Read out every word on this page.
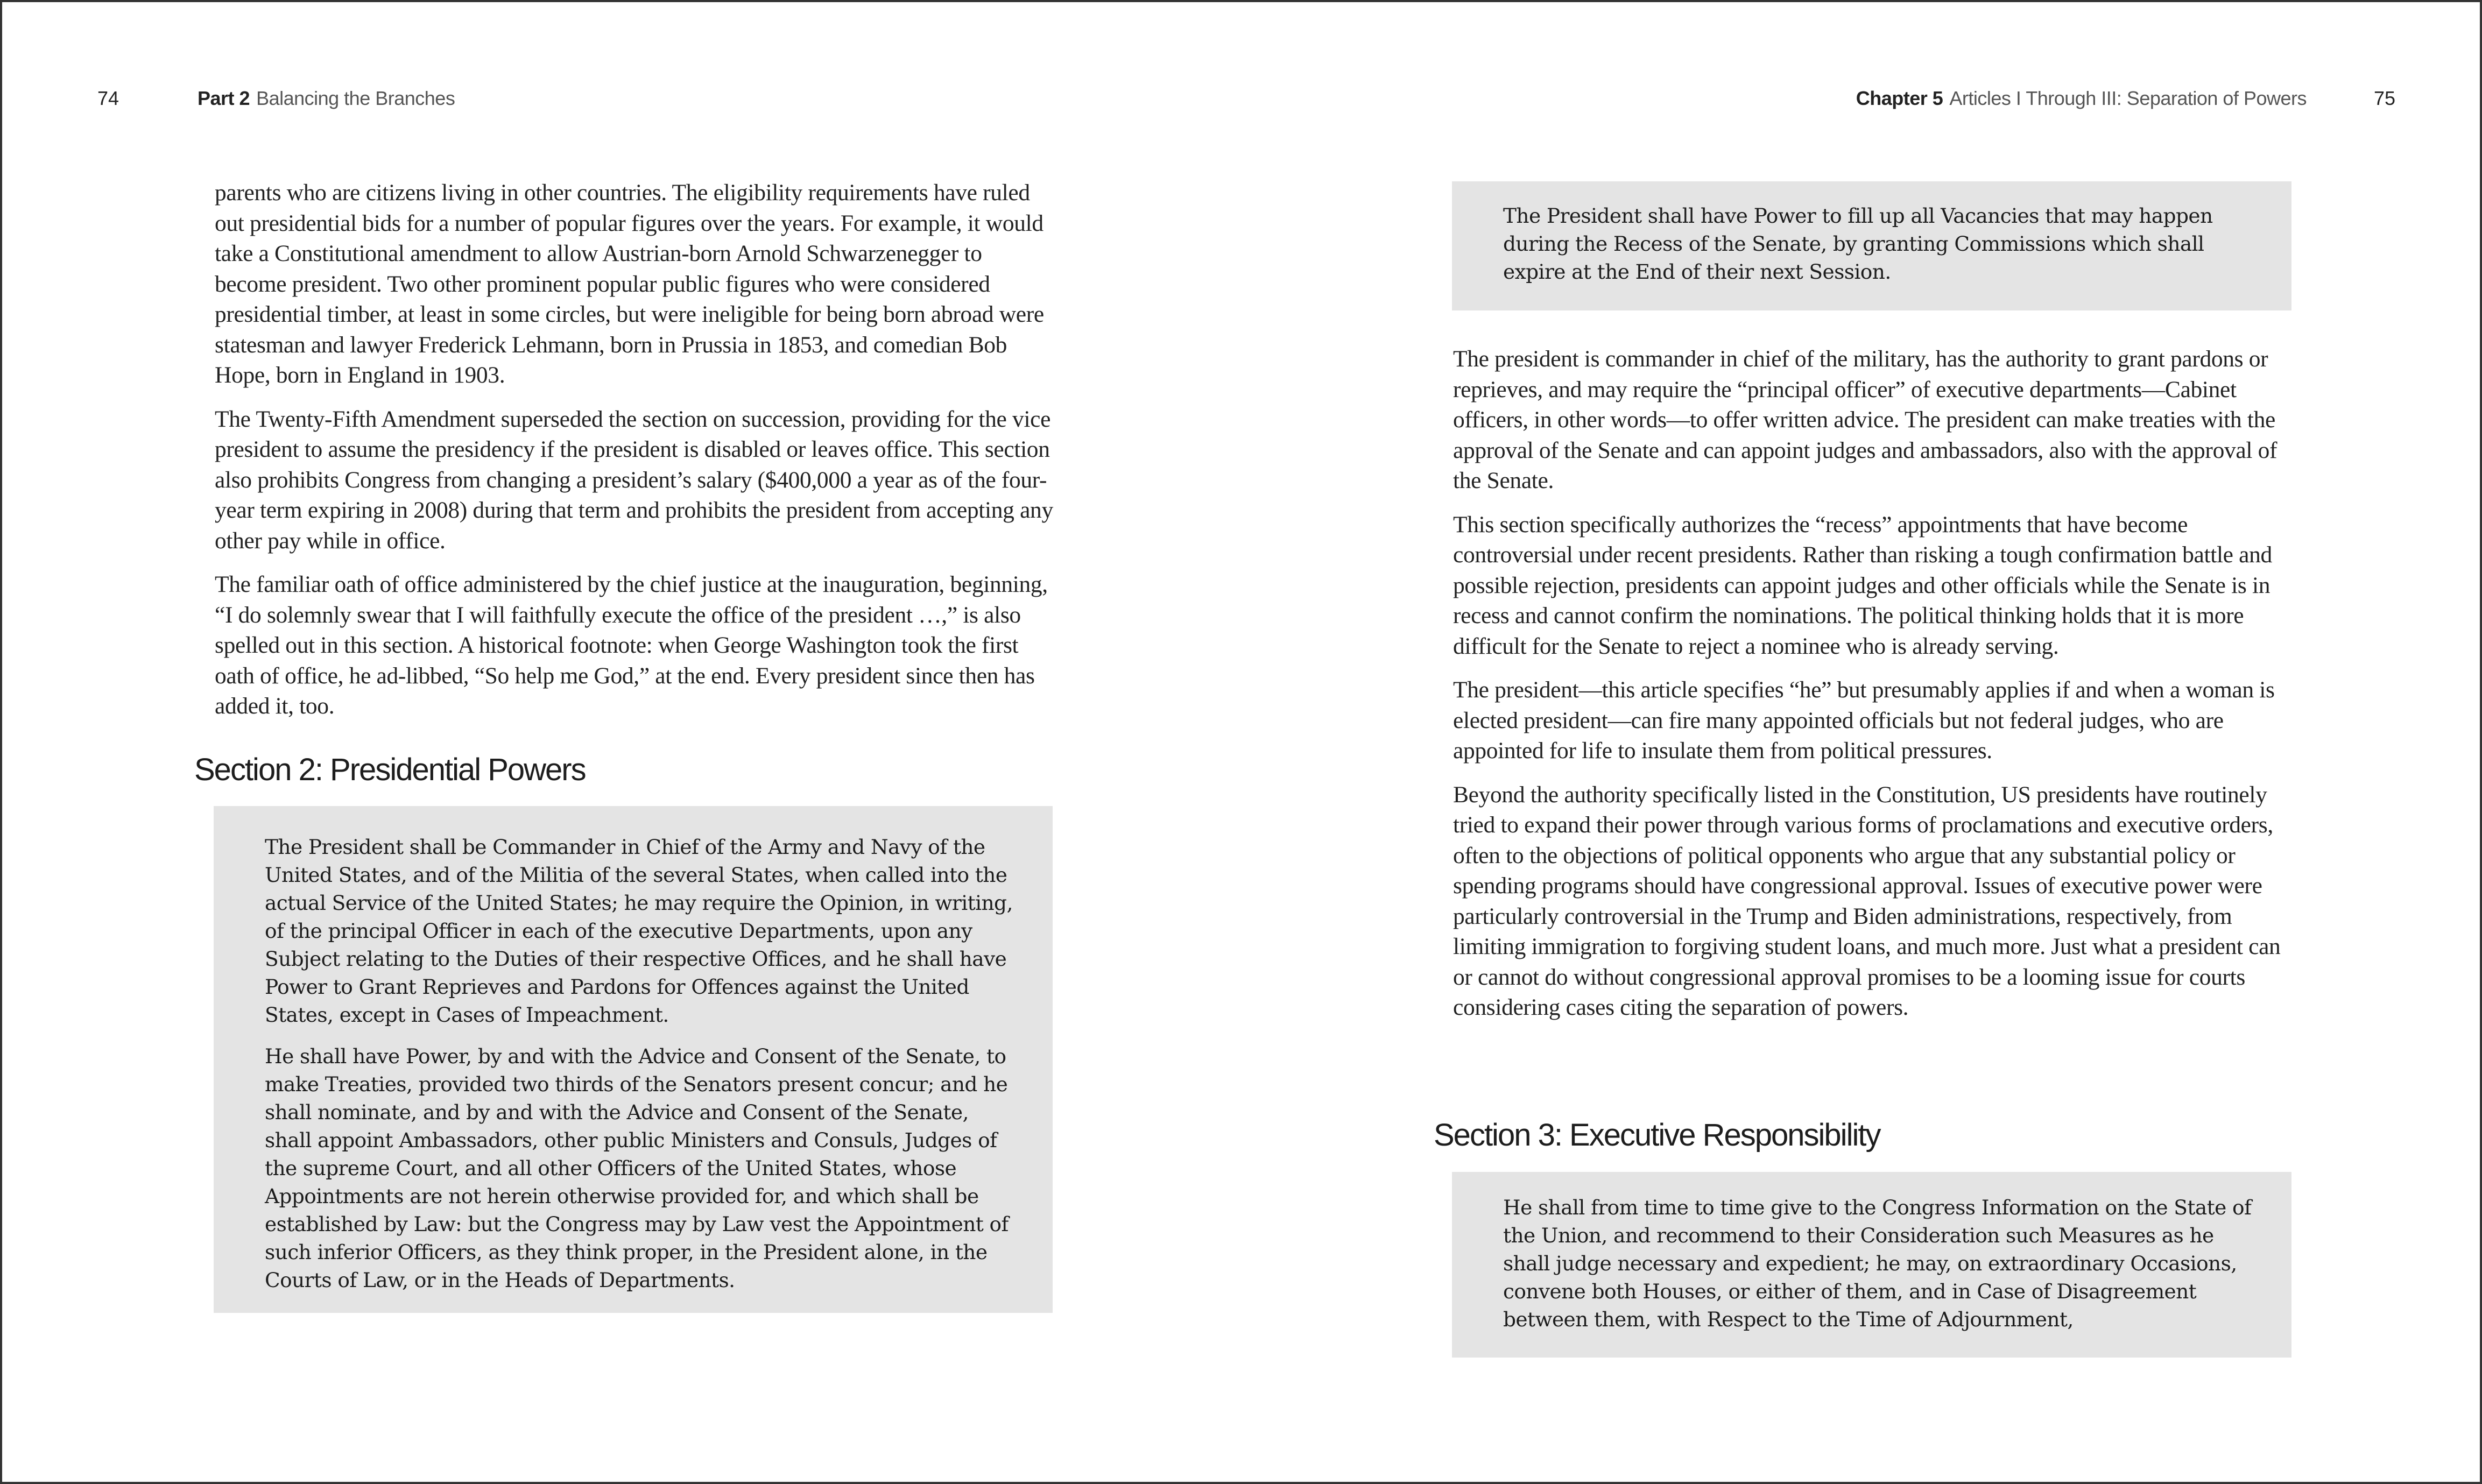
74	Part 2 Balancing the Branches

parents who are citizens living in other countries. The eligibility requirements have ruled out presidential bids for a number of popular figures over the years. For example, it would take a Constitutional amendment to allow Austrian-born Arnold Schwarzenegger to become president. Two other prominent popular public figures who were considered presidential timber, at least in some circles, but were ineligible for being born abroad were statesman and lawyer Frederick Lehmann, born in Prussia in 1853, and comedian Bob Hope, born in England in 1903.

The Twenty-Fifth Amendment superseded the section on succession, providing for the vice president to assume the presidency if the president is disabled or leaves office. This section also prohibits Congress from changing a president’s salary ($400,000 a year as of the four-year term expiring in 2008) during that term and prohibits the president from accepting any other pay while in office.

The familiar oath of office administered by the chief justice at the inauguration, beginning, “I do solemnly swear that I will faithfully execute the office of the president …,” is also spelled out in this section. A historical footnote: when George Washington took the first oath of office, he ad-libbed, “So help me God,” at the end. Every president since then has added it, too.

Section 2: Presidential Powers

The President shall be Commander in Chief of the Army and Navy of the United States, and of the Militia of the several States, when called into the actual Service of the United States; he may require the Opinion, in writing, of the principal Officer in each of the executive Departments, upon any Subject relating to the Duties of their respective Offices, and he shall have Power to Grant Reprieves and Pardons for Offences against the United States, except in Cases of Impeachment.

He shall have Power, by and with the Advice and Consent of the Senate, to make Treaties, provided two thirds of the Senators present concur; and he shall nominate, and by and with the Advice and Consent of the Senate, shall appoint Ambassadors, other public Ministers and Consuls, Judges of the supreme Court, and all other Officers of the United States, whose Appointments are not herein otherwise provided for, and which shall be established by Law: but the Congress may by Law vest the Appointment of such inferior Officers, as they think proper, in the President alone, in the Courts of Law, or in the Heads of Departments.

Chapter 5 Articles I Through III: Separation of Powers	75

The President shall have Power to fill up all Vacancies that may happen during the Recess of the Senate, by granting Commissions which shall expire at the End of their next Session.

The president is commander in chief of the military, has the authority to grant pardons or reprieves, and may require the “principal officer” of executive departments—Cabinet officers, in other words—to offer written advice. The president can make treaties with the approval of the Senate and can appoint judges and ambassadors, also with the approval of the Senate.

This section specifically authorizes the “recess” appointments that have become controversial under recent presidents. Rather than risking a tough confirmation battle and possible rejection, presidents can appoint judges and other officials while the Senate is in recess and cannot confirm the nominations. The political thinking holds that it is more difficult for the Senate to reject a nominee who is already serving.

The president—this article specifies “he” but presumably applies if and when a woman is elected president—can fire many appointed officials but not federal judges, who are appointed for life to insulate them from political pressures.

Beyond the authority specifically listed in the Constitution, US presidents have routinely tried to expand their power through various forms of proclamations and executive orders, often to the objections of political opponents who argue that any substantial policy or spending programs should have congressional approval. Issues of executive power were particularly controversial in the Trump and Biden administrations, respectively, from limiting immigration to forgiving student loans, and much more. Just what a president can or cannot do without congressional approval promises to be a looming issue for courts considering cases citing the separation of powers.

Section 3: Executive Responsibility

He shall from time to time give to the Congress Information on the State of the Union, and recommend to their Consideration such Measures as he shall judge necessary and expedient; he may, on extraordinary Occasions, convene both Houses, or either of them, and in Case of Disagreement between them, with Respect to the Time of Adjournment,
